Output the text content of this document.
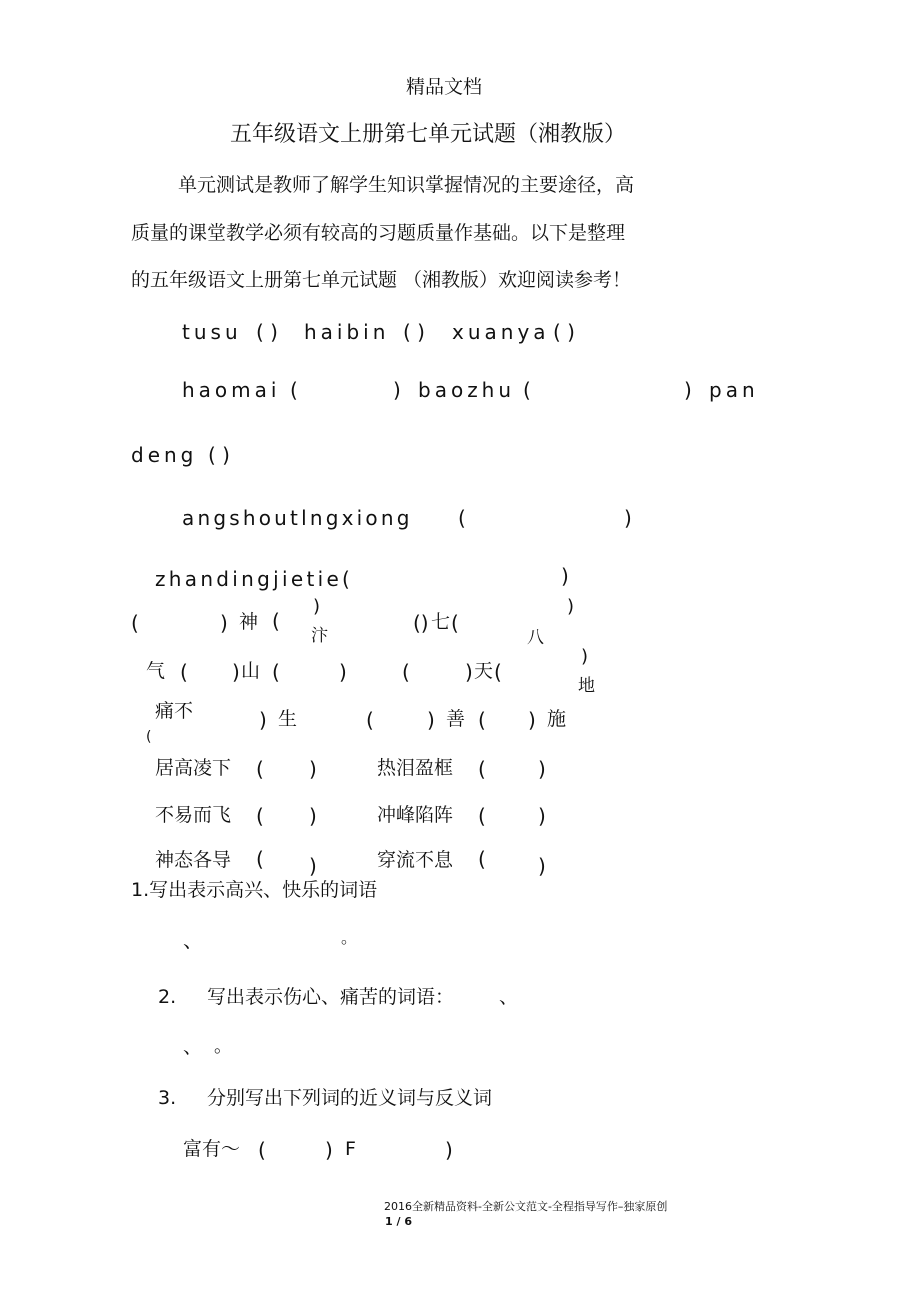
精品文档
五年级语文上册第七单元试题（湘教版）
单元测试是教师了解学生知识掌握情况的主要途径，高
质量的课堂教学必须有较高的习题质量作基础。以下是整理
的五年级语文上册第七单元试题 （湘教版）欢迎阅读参考！
tusu ( ) haibin ( ) xuanya ( )
haomai (	) baozhu (	) pan
deng ( )
angshoutlngxiong (	)
zhandingjietie(	)
(	) 神 (
)
汴
() 七 (
)
八
气 ( ) 山 (	)	(	) 天 (
)
地
痛不
(
) 生	(	) 善 ( ) 施
居高凌下 ( )	热泪盈框 (	)
不易而飞 ( )	冲峰陷阵 (	)
神态各导 ( )	穿流不息 (	)
1.写出表示高兴、快乐的词语
、	。
2. 写出表示伤心、痛苦的词语： 、
、 。
3. 分别写出下列词的近义词与反义词
富有～ (	) F	)
2016全新精品资料-全新公文范文-全程指导写作–独家原创
1 / 6
